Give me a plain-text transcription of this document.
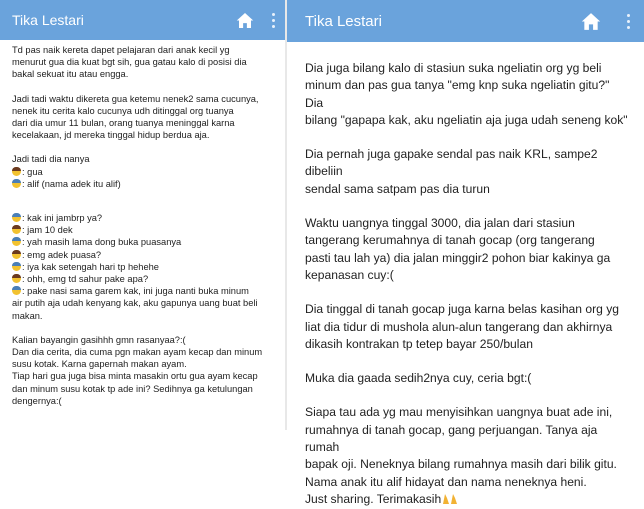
Tika Lestari

Td pas naik kereta dapet pelajaran dari anak kecil yg
menurut gua dia kuat bgt sih, gua gatau kalo di posisi dia
bakal sekuat itu atau engga.

Jadi tadi waktu dikereta gua ketemu nenek2 sama cucunya,
nenek itu cerita kalo cucunya udh ditinggal org tuanya
dari dia umur 11 bulan, orang tuanya meninggal karna
kecelakaan, jd mereka tinggal hidup berdua aja.

Jadi tadi dia nanya
: gua
: alif (nama adek itu alif)
: kak ini jambrp ya?
: jam 10 dek
: yah masih lama dong buka puasanya
: emg adek puasa?
: iya kak setengah hari tp hehehe
: ohh, emg td sahur pake apa?
: pake nasi sama garem kak, ini juga nanti buka minum
air putih aja udah kenyang kak, aku gapunya uang buat beli
makan.
Kalian bayangin gasihhh gmn rasanyaa?:(
Dan dia cerita, dia cuma pgn makan ayam kecap dan minum
susu kotak. Karna gapernah makan ayam.
Tiap hari gua juga bisa minta masakin ortu gua ayam kecap
dan minum susu kotak tp ade ini? Sedihnya ga ketulungan
dengernya:(
Tika Lestari

Dia juga bilang kalo di stasiun suka ngeliatin org yg beli
minum dan pas gua tanya "emg knp suka ngeliatin gitu?" Dia
bilang "gapapa kak, aku ngeliatin aja juga udah seneng kok"

Dia pernah juga gapake sendal pas naik KRL, sampe2 dibeliin
sendal sama satpam pas dia turun

Waktu uangnya tinggal 3000, dia jalan dari stasiun
tangerang kerumahnya di tanah gocap (org tangerang
pasti tau lah ya) dia jalan minggir2 pohon biar kakinya ga
kepanasan cuy:(

Dia tinggal di tanah gocap juga karna belas kasihan org yg
liat dia tidur di mushola alun-alun tangerang dan akhirnya
dikasih kontrakan tp tetep bayar 250/bulan

Muka dia gaada sedih2nya cuy, ceria bgt:(

Siapa tau ada yg mau menyisihkan uangnya buat ade ini,
rumahnya di tanah gocap, gang perjuangan. Tanya aja rumah
bapak oji. Neneknya bilang rumahnya masih dari bilik gitu.
Nama anak itu alif hidayat dan nama neneknya heni.
Just sharing. Terimakasih
